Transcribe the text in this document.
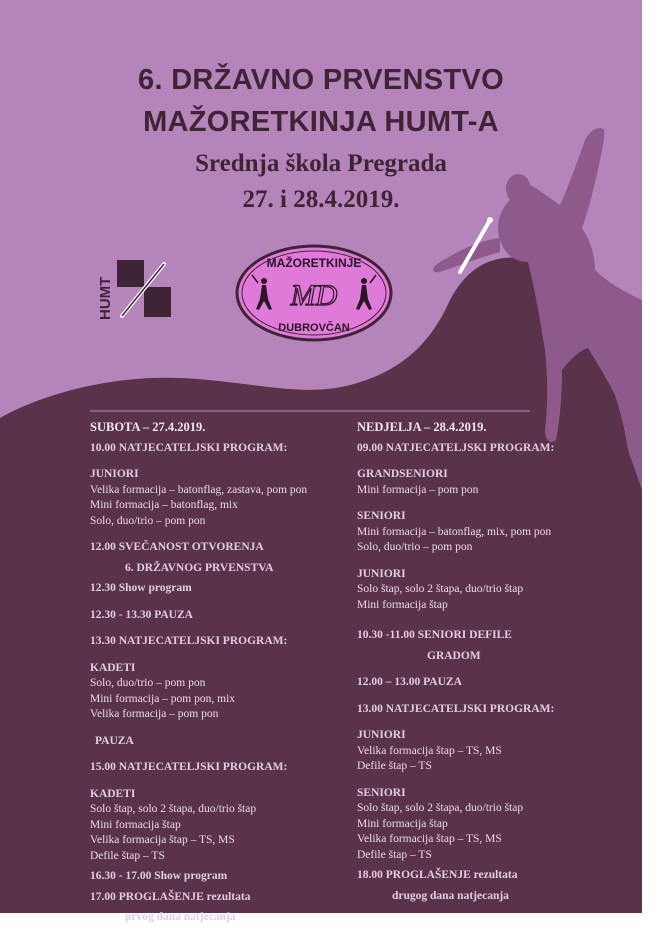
6. DRŽAVNO PRVENSTVO
MAŽORETKINJA HUMT-A
Srednja škola Pregrada
27. i 28.4.2019.
HUMT
MAŽORETKINJE
MD
DUBROVČAN
SUBOTA – 27.4.2019.
10.00 NATJECATELJSKI PROGRAM:
JUNIORI
Velika formacija – batonflag, zastava, pom pon
Mini formacija – batonflag, mix
Solo, duo/trio – pom pon
12.00 SVEČANOST OTVORENJA
6. DRŽAVNOG PRVENSTVA
12.30 Show program
12.30 - 13.30 PAUZA
13.30 NATJECATELJSKI PROGRAM:
KADETI
Solo, duo/trio – pom pon
Mini formacija – pom pon, mix
Velika formacija – pom pon
PAUZA
15.00 NATJECATELJSKI PROGRAM:
KADETI
Solo štap, solo 2 štapa, duo/trio štap
Mini formacija štap
Velika formacija štap – TS, MS
Defile štap – TS
16.30 - 17.00 Show program
17.00 PROGLAŠENJE rezultata
prvog dana natjecanja
NEDJELJA – 28.4.2019.
09.00 NATJECATELJSKI PROGRAM:
GRANDSENIORI
Mini formacija – pom pon
SENIORI
Mini formacija – batonflag, mix, pom pon
Solo, duo/trio – pom pon
JUNIORI
Solo štap, solo 2 štapa, duo/trio štap
Mini formacija štap
10.30 -11.00 SENIORI DEFILE
GRADOM
12.00 – 13.00 PAUZA
13.00 NATJECATELJSKI PROGRAM:
JUNIORI
Velika formacija štap – TS, MS
Defile štap – TS
SENIORI
Solo štap, solo 2 štapa, duo/trio štap
Mini formacija štap
Velika formacija štap – TS, MS
Defile štap – TS
18.00 PROGLAŠENJE rezultata
drugog dana natjecanja
